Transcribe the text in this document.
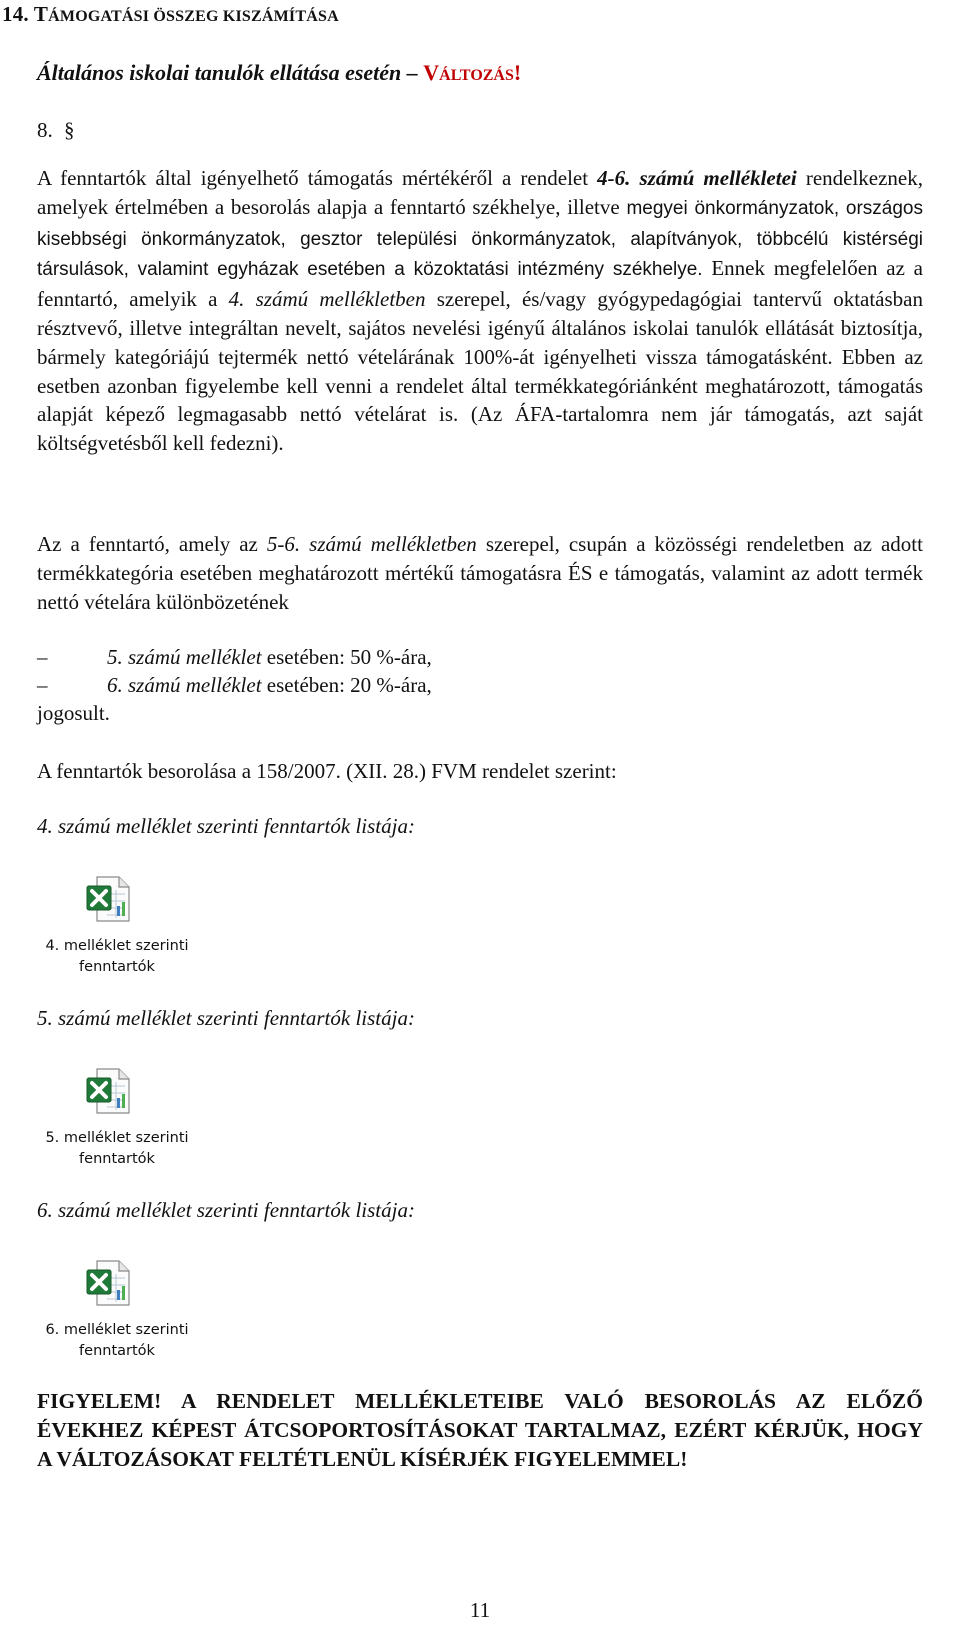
14. TÁMOGATÁSI ÖSSZEG KISZÁMÍTÁSA
Általános iskolai tanulók ellátása esetén – VÁLTOZÁS!
8. §
A fenntartók által igényelhető támogatás mértékéről a rendelet 4-6. számú mellékletei rendelkeznek, amelyek értelmében a besorolás alapja a fenntartó székhelye, illetve megyei önkormányzatok, országos kisebbségi önkormányzatok, gesztor települési önkormányzatok, alapítványok, többcélú kistérségi társulások, valamint egyházak esetében a közoktatási intézmény székhelye. Ennek megfelelően az a fenntartó, amelyik a 4. számú mellékletben szerepel, és/vagy gyógypedagógiai tantervű oktatásban résztvevő, illetve integráltan nevelt, sajátos nevelési igényű általános iskolai tanulók ellátását biztosítja, bármely kategóriájú tejtermék nettó vételárának 100%-át igényelheti vissza támogatásként. Ebben az esetben azonban figyelembe kell venni a rendelet által termékkategóriánként meghatározott, támogatás alapját képező legmagasabb nettó vételárat is. (Az ÁFA-tartalomra nem jár támogatás, azt saját költségvetésből kell fedezni).
Az a fenntartó, amely az 5-6. számú mellékletben szerepel, csupán a közösségi rendeletben az adott termékkategória esetében meghatározott mértékű támogatásra ÉS e támogatás, valamint az adott termék nettó vételára különbözetének
–	5. számú melléklet esetében: 50 %-ára,
–	6. számú melléklet esetében: 20 %-ára,
jogosult.
A fenntartók besorolása a 158/2007. (XII. 28.) FVM rendelet szerint:
4. számú melléklet szerinti fenntartók listája:
4. melléklet szerinti
fenntartók
5. számú melléklet szerinti fenntartók listája:
5. melléklet szerinti
fenntartók
6. számú melléklet szerinti fenntartók listája:
6. melléklet szerinti
fenntartók
FIGYELEM! A RENDELET MELLÉKLETEIBE VALÓ BESOROLÁS AZ ELŐZŐ ÉVEKHEZ KÉPEST ÁTCSOPORTOSÍTÁSOKAT TARTALMAZ, EZÉRT KÉRJÜK, HOGY A VÁLTOZÁSOKAT FELTÉTLENÜL KÍSÉRJÉK FIGYELEMMEL!
11
